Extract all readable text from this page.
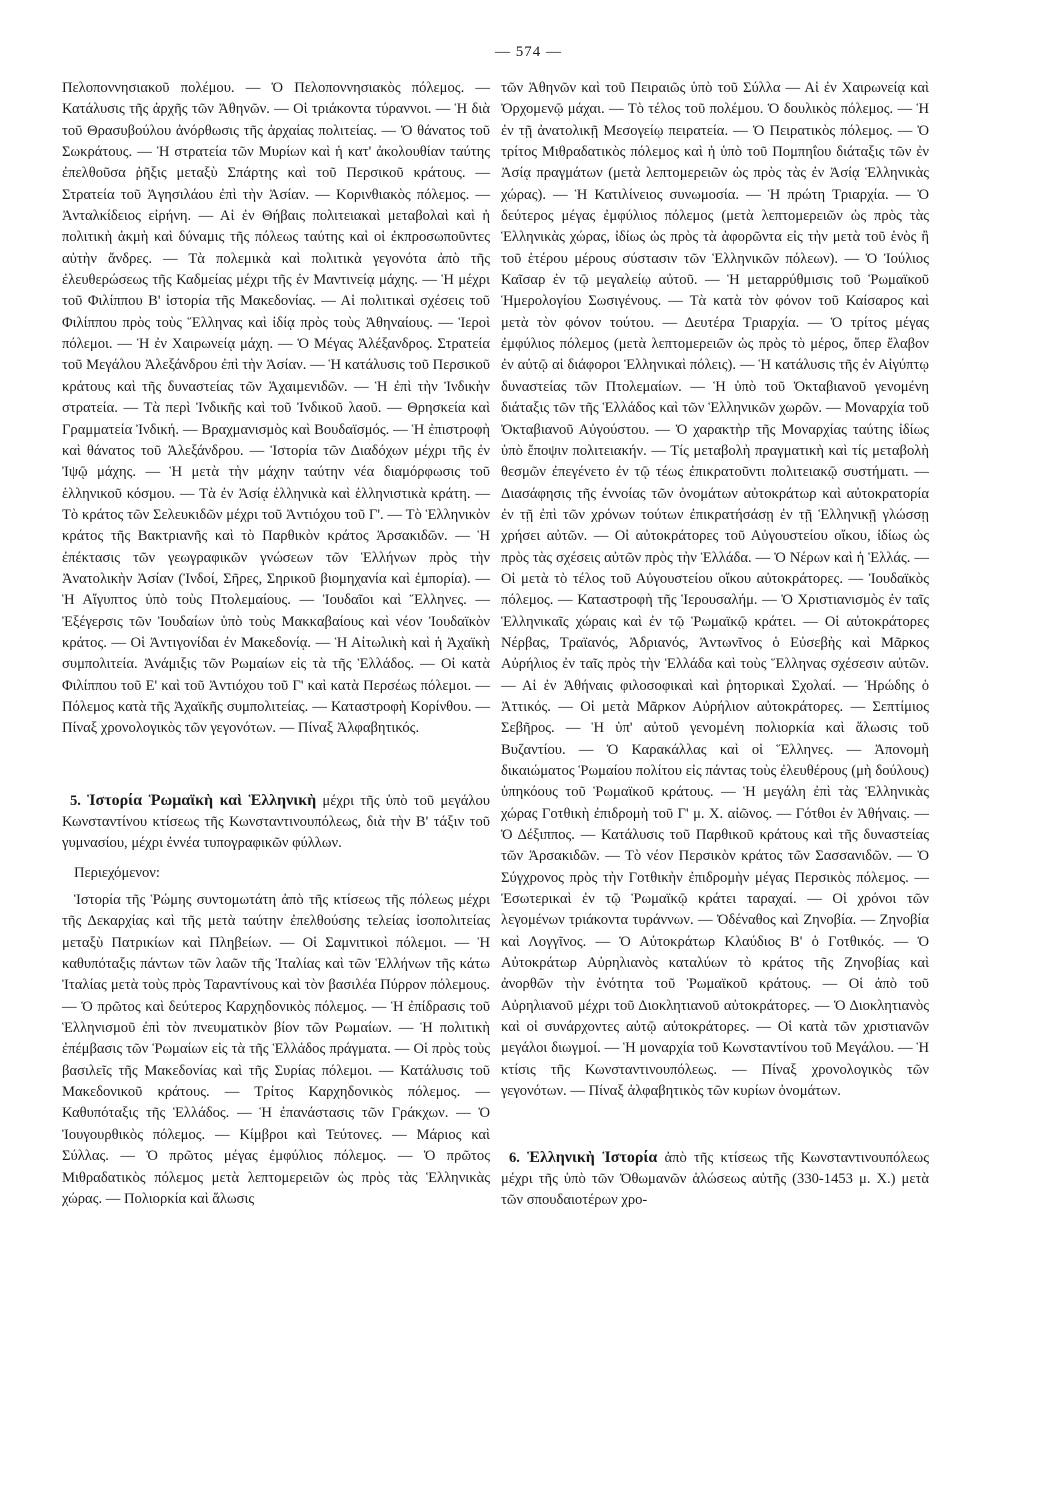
— 574 —

Πελοποννησιακοῦ πολέμου. — Ὁ Πελοποννησιακὸς πόλεμος. — Κατάλυσις τῆς ἀρχῆς τῶν Ἀθηνῶν. — Οἱ τριάκοντα τύραννοι. — Ἡ διὰ τοῦ Θρασυβούλου ἀνόρθωσις τῆς ἀρχαίας πολιτείας. — Ὁ θάνατος τοῦ Σωκράτους. — Ἡ στρατεία τῶν Μυρίων καὶ ἡ κατ' ἀκολουθίαν ταύτης ἐπελθοῦσα ῥῆξις μεταξὺ Σπάρτης καὶ τοῦ Περσικοῦ κράτους. — Στρατεία τοῦ Ἀγησιλάου ἐπὶ τὴν Ἀσίαν. — Κορινθιακὸς πόλεμος. — Ἀνταλκίδειος εἰρήνη. — Αἱ ἐν Θήβαις πολιτειακαὶ μεταβολαὶ καὶ ἡ πολιτικὴ ἀκμὴ καὶ δύναμις τῆς πόλεως ταύτης καὶ οἱ ἐκπροσωποῦντες αὐτὴν ἄνδρες. — Τὰ πολεμικὰ καὶ πολιτικὰ γεγονότα ἀπὸ τῆς ἐλευθερώσεως τῆς Καδμείας μέχρι τῆς ἐν Μαντινείᾳ μάχης. — Ἡ μέχρι τοῦ Φιλίππου Β' ἱστορία τῆς Μακεδονίας. — Αἱ πολιτικαὶ σχέσεις τοῦ Φιλίππου πρὸς τοὺς Ἕλληνας καὶ ἰδίᾳ πρὸς τοὺς Ἀθηναίους. — Ἱεροὶ πόλεμοι. — Ἡ ἐν Χαιρωνείᾳ μάχη. — Ὁ Μέγας Ἀλέξανδρος. Στρατεία τοῦ Μεγάλου Ἀλεξάνδρου ἐπὶ τὴν Ἀσίαν. — Ἡ κατάλυσις τοῦ Περσικοῦ κράτους καὶ τῆς δυναστείας τῶν Ἀχαιμενιδῶν. — Ἡ ἐπὶ τὴν Ἰνδικὴν στρατεία. — Τὰ περὶ Ἰνδικῆς καὶ τοῦ Ἰνδικοῦ λαοῦ. — Θρησκεία καὶ Γραμματεία Ἰνδική. — Βραχμανισμὸς καὶ Βουδαϊσμός. — Ἡ ἐπιστροφὴ καὶ θάνατος τοῦ Ἀλεξάνδρου. — Ἱστορία τῶν Διαδόχων μέχρι τῆς ἐν Ἰψῷ μάχης. — Ἡ μετὰ τὴν μάχην ταύτην νέα διαμόρφωσις τοῦ ἑλληνικοῦ κόσμου. — Τὰ ἐν Ἀσίᾳ ἑλληνικὰ καὶ ἑλληνιστικὰ κράτη. — Τὸ κράτος τῶν Σελευκιδῶν μέχρι τοῦ Ἀντιόχου τοῦ Γ'. — Τὸ Ἑλληνικὸν κράτος τῆς Βακτριανῆς καὶ τὸ Παρθικὸν κράτος Ἀρσακιδῶν. — Ἡ ἐπέκτασις τῶν γεωγραφικῶν γνώσεων τῶν Ἑλλήνων πρὸς τὴν Ἀνατολικὴν Ἀσίαν (Ἰνδοί, Σῆρες, Σηρικοῦ βιομηχανία καὶ ἐμπορία). — Ἡ Αἴγυπτος ὑπὸ τοὺς Πτολεμαίους. — Ἰουδαῖοι καὶ Ἕλληνες. — Ἐξέγερσις τῶν Ἰουδαίων ὑπὸ τοὺς Μακκαβαίους καὶ νέον Ἰουδαϊκὸν κράτος. — Οἱ Ἀντιγονίδαι ἐν Μακεδονίᾳ. — Ἡ Αἰτωλικὴ καὶ ἡ Ἀχαϊκὴ συμπολιτεία. Ἀνάμιξις τῶν Ρωμαίων εἰς τὰ τῆς Ἑλλάδος. — Οἱ κατὰ Φιλίππου τοῦ Ε' καὶ τοῦ Ἀντιόχου τοῦ Γ' καὶ κατὰ Περσέως πόλεμοι. — Πόλεμος κατὰ τῆς Ἀχαϊκῆς συμπολιτείας. — Καταστροφὴ Κορίνθου. — Πίναξ χρονολογικὸς τῶν γεγονότων. — Πίναξ Ἀλφαβητικός.

5. Ἱστορία Ῥωμαϊκὴ καὶ Ἑλληνικὴ μέχρι τῆς ὑπὸ τοῦ μεγάλου Κωνσταντίνου κτίσεως τῆς Κωνσταντινουπόλεως, διὰ τὴν Β' τάξιν τοῦ γυμνασίου, μέχρι ἐννέα τυπογραφικῶν φύλλων.

Περιεχόμενον:

Ἱστορία τῆς Ῥώμης συντομωτάτη ἀπὸ τῆς κτίσεως τῆς πόλεως μέχρι τῆς Δεκαρχίας καὶ τῆς μετὰ ταύτην ἐπελθούσης τελείας ἰσοπολιτείας μεταξὺ Πατρικίων καὶ Πληβείων. — Οἱ Σαμνιτικοὶ πόλεμοι. — Ἡ καθυπόταξις πάντων τῶν λαῶν τῆς Ἰταλίας καὶ τῶν Ἑλλήνων τῆς κάτω Ἰταλίας μετὰ τοὺς πρὸς Ταραντίνους καὶ τὸν βασιλέα Πύρρον πόλεμους. — Ὁ πρῶτος καὶ δεύτερος Καρχηδονικὸς πόλεμος. — Ἡ ἐπίδρασις τοῦ Ἑλληνισμοῦ ἐπὶ τὸν πνευματικὸν βίον τῶν Ρωμαίων. — Ἡ πολιτικὴ ἐπέμβασις τῶν Ῥωμαίων εἰς τὰ τῆς Ἑλλάδος πράγματα. — Οἱ πρὸς τοὺς βασιλεῖς τῆς Μακεδονίας καὶ τῆς Συρίας πόλεμοι. — Κατάλυσις τοῦ Μακεδονικοῦ κράτους. — Τρίτος Καρχηδονικὸς πόλεμος. — Καθυπόταξις τῆς Ἑλλάδος. — Ἡ ἐπανάστασις τῶν Γράκχων. — Ὁ Ἰουγουρθικὸς πόλεμος. — Κίμβροι καὶ Τεύτονες. — Μάριος καὶ Σύλλας. — Ὁ πρῶτος μέγας ἐμφύλιος πόλεμος. — Ὁ πρῶτος Μιθραδατικὸς πόλεμος μετὰ λεπτομερειῶν ὡς πρὸς τὰς Ἑλληνικὰς χώρας. — Πολιορκία καὶ ἅλωσις

τῶν Ἀθηνῶν καὶ τοῦ Πειραιῶς ὑπὸ τοῦ Σύλλα — Αἱ ἐν Χαιρωνείᾳ καὶ Ὀρχομενῷ μάχαι. — Τὸ τέλος τοῦ πολέμου. Ὁ δουλικὸς πόλεμος. — Ἡ ἐν τῇ ἀνατολικῇ Μεσογείῳ πειρατεία. — Ὁ Πειρατικὸς πόλεμος. — Ὁ τρίτος Μιθραδατικὸς πόλεμος καὶ ἡ ὑπὸ τοῦ Πομπηΐου διάταξις τῶν ἐν Ἀσίᾳ πραγμάτων (μετὰ λεπτομερειῶν ὡς πρὸς τὰς ἐν Ἀσίᾳ Ἑλληνικὰς χώρας). — Ἡ Κατιλίνειος συνωμοσία. — Ἡ πρώτη Τριαρχία. — Ὁ δεύτερος μέγας ἐμφύλιος πόλεμος (μετὰ λεπτομερειῶν ὡς πρὸς τὰς Ἑλληνικὰς χώρας, ἰδίως ὡς πρὸς τὰ ἀφορῶντα εἰς τὴν μετὰ τοῦ ἑνὸς ἢ τοῦ ἑτέρου μέρους σύστασιν τῶν Ἑλληνικῶν πόλεων). — Ὁ Ἰούλιος Καῖσαρ ἐν τῷ μεγαλείῳ αὐτοῦ. — Ἡ μεταρρύθμισις τοῦ Ῥωμαϊκοῦ Ἡμερολογίου Σωσιγένους. — Τὰ κατὰ τὸν φόνον τοῦ Καίσαρος καὶ μετὰ τὸν φόνον τούτου. — Δευτέρα Τριαρχία. — Ὁ τρίτος μέγας ἐμφύλιος πόλεμος (μετὰ λεπτομερειῶν ὡς πρὸς τὸ μέρος, ὅπερ ἔλαβον ἐν αὐτῷ αἱ διάφοροι Ἑλληνικαὶ πόλεις). — Ἡ κατάλυσις τῆς ἐν Αἰγύπτῳ δυναστείας τῶν Πτολεμαίων. — Ἡ ὑπὸ τοῦ Ὀκταβιανοῦ γενομένη διάταξις τῶν τῆς Ἑλλάδος καὶ τῶν Ἑλληνικῶν χωρῶν. — Μοναρχία τοῦ Ὀκταβιανοῦ Αὐγούστου. — Ὁ χαρακτὴρ τῆς Μοναρχίας ταύτης ἰδίως ὑπὸ ἔποψιν πολιτειακήν. — Τίς μεταβολὴ πραγματικὴ καὶ τίς μεταβολὴ θεσμῶν ἐπεγένετο ἐν τῷ τέως ἐπικρατοῦντι πολιτειακῷ συστήματι. — Διασάφησις τῆς ἐννοίας τῶν ὀνομάτων αὐτοκράτωρ καὶ αὐτοκρατορία ἐν τῇ ἐπὶ τῶν χρόνων τούτων ἐπικρατήσάσῃ ἐν τῇ Ἑλληνικῇ γλώσσῃ χρήσει αὐτῶν. — Οἱ αὐτοκράτορες τοῦ Αὐγουστείου οἴκου, ἰδίως ὡς πρὸς τὰς σχέσεις αὐτῶν πρὸς τὴν Ἑλλάδα. — Ὁ Νέρων καὶ ἡ Ἑλλάς. — Οἱ μετὰ τὸ τέλος τοῦ Αὐγουστείου οἴκου αὐτοκράτορες. — Ἰουδαϊκὸς πόλεμος. — Καταστροφὴ τῆς Ἱερουσαλήμ. — Ὁ Χριστιανισμὸς ἐν ταῖς Ἑλληνικαῖς χώραις καὶ ἐν τῷ Ῥωμαϊκῷ κράτει. — Οἱ αὐτοκράτορες Νέρβας, Τραϊανός, Ἀδριανός, Ἀντωνῖνος ὁ Εὐσεβὴς καὶ Μᾶρκος Αὐρήλιος ἐν ταῖς πρὸς τὴν Ἑλλάδα καὶ τοὺς Ἕλληνας σχέσεσιν αὐτῶν. — Αἱ ἐν Ἀθήναις φιλοσοφικαὶ καὶ ῥητορικαὶ Σχολαί. — Ἡρώδης ὁ Ἀττικός. — Οἱ μετὰ Μᾶρκον Αὐρήλιον αὐτοκράτορες. — Σεπτίμιος Σεβῆρος. — Ἡ ὑπ' αὐτοῦ γενομένη πολιορκία καὶ ἅλωσις τοῦ Βυζαντίου. — Ὁ Καρακάλλας καὶ οἱ Ἕλληνες. — Ἀπονομὴ δικαιώματος Ῥωμαίου πολίτου εἰς πάντας τοὺς ἐλευθέρους (μὴ δούλους) ὑπηκόους τοῦ Ῥωμαϊκοῦ κράτους. — Ἡ μεγάλη ἐπὶ τὰς Ἑλληνικὰς χώρας Γοτθικὴ ἐπιδρομὴ τοῦ Γ' μ. Χ. αἰῶνος. — Γότθοι ἐν Ἀθήναις. — Ὁ Δέξιππος. — Κατάλυσις τοῦ Παρθικοῦ κράτους καὶ τῆς δυναστείας τῶν Ἀρσακιδῶν. — Τὸ νέον Περσικὸν κράτος τῶν Σασσανιδῶν. — Ὁ Σύγχρονος πρὸς τὴν Γοτθικὴν ἐπιδρομὴν μέγας Περσικὸς πόλεμος. — Ἐσωτερικαὶ ἐν τῷ Ῥωμαϊκῷ κράτει ταραχαί. — Οἱ χρόνοι τῶν λεγομένων τριάκοντα τυράννων. — Ὀδέναθος καὶ Ζηνοβία. — Ζηνοβία καὶ Λογγῖνος. — Ὁ Αὐτοκράτωρ Κλαύδιος Β' ὁ Γοτθικός. — Ὁ Αὐτοκράτωρ Αὐρηλιανὸς καταλύων τὸ κράτος τῆς Ζηνοβίας καὶ ἀνορθῶν τὴν ἑνότητα τοῦ Ῥωμαϊκοῦ κράτους. — Οἱ ἀπὸ τοῦ Αὐρηλιανοῦ μέχρι τοῦ Διοκλητιανοῦ αὐτοκράτορες. — Ὁ Διοκλητιανὸς καὶ οἱ συνάρχοντες αὐτῷ αὐτοκράτορες. — Οἱ κατὰ τῶν χριστιανῶν μεγάλοι διωγμοί. — Ἡ μοναρχία τοῦ Κωνσταντίνου τοῦ Μεγάλου. — Ἡ κτίσις τῆς Κωνσταντινουπόλεως. — Πίναξ χρονολογικὸς τῶν γεγονότων. — Πίναξ ἀλφαβητικὸς τῶν κυρίων ὀνομάτων.

6. Ἑλληνικὴ Ἱστορία ἀπὸ τῆς κτίσεως τῆς Κωνσταντινουπόλεως μέχρι τῆς ὑπὸ τῶν Ὀθωμανῶν ἁλώσεως αὐτῆς (330-1453 μ. Χ.) μετὰ τῶν σπουδαιοτέρων χρο-
